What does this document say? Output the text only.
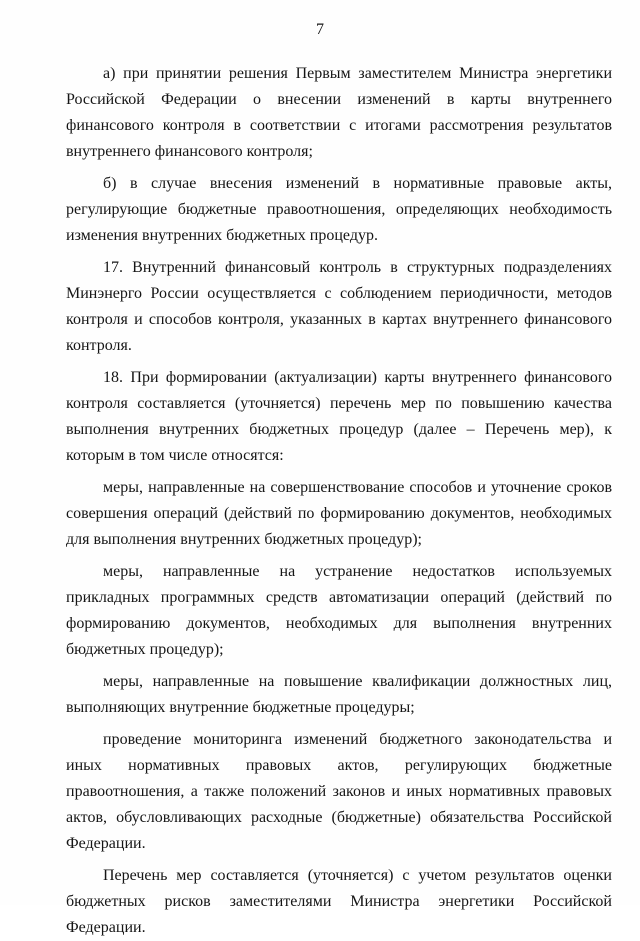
7

а) при принятии решения Первым заместителем Министра энергетики Российской Федерации о внесении изменений в карты внутреннего финансового контроля в соответствии с итогами рассмотрения результатов внутреннего финансового контроля;

б) в случае внесения изменений в нормативные правовые акты, регулирующие бюджетные правоотношения, определяющих необходимость изменения внутренних бюджетных процедур.

17. Внутренний финансовый контроль в структурных подразделениях Минэнерго России осуществляется с соблюдением периодичности, методов контроля и способов контроля, указанных в картах внутреннего финансового контроля.

18. При формировании (актуализации) карты внутреннего финансового контроля составляется (уточняется) перечень мер по повышению качества выполнения внутренних бюджетных процедур (далее – Перечень мер), к которым в том числе относятся:

меры, направленные на совершенствование способов и уточнение сроков совершения операций (действий по формированию документов, необходимых для выполнения внутренних бюджетных процедур);

меры, направленные на устранение недостатков используемых прикладных программных средств автоматизации операций (действий по формированию документов, необходимых для выполнения внутренних бюджетных процедур);

меры, направленные на повышение квалификации должностных лиц, выполняющих внутренние бюджетные процедуры;

проведение мониторинга изменений бюджетного законодательства и иных нормативных правовых актов, регулирующих бюджетные правоотношения, а также положений законов и иных нормативных правовых актов, обусловливающих расходные (бюджетные) обязательства Российской Федерации.

Перечень мер составляется (уточняется) с учетом результатов оценки бюджетных рисков заместителями Министра энергетики Российской Федерации.
